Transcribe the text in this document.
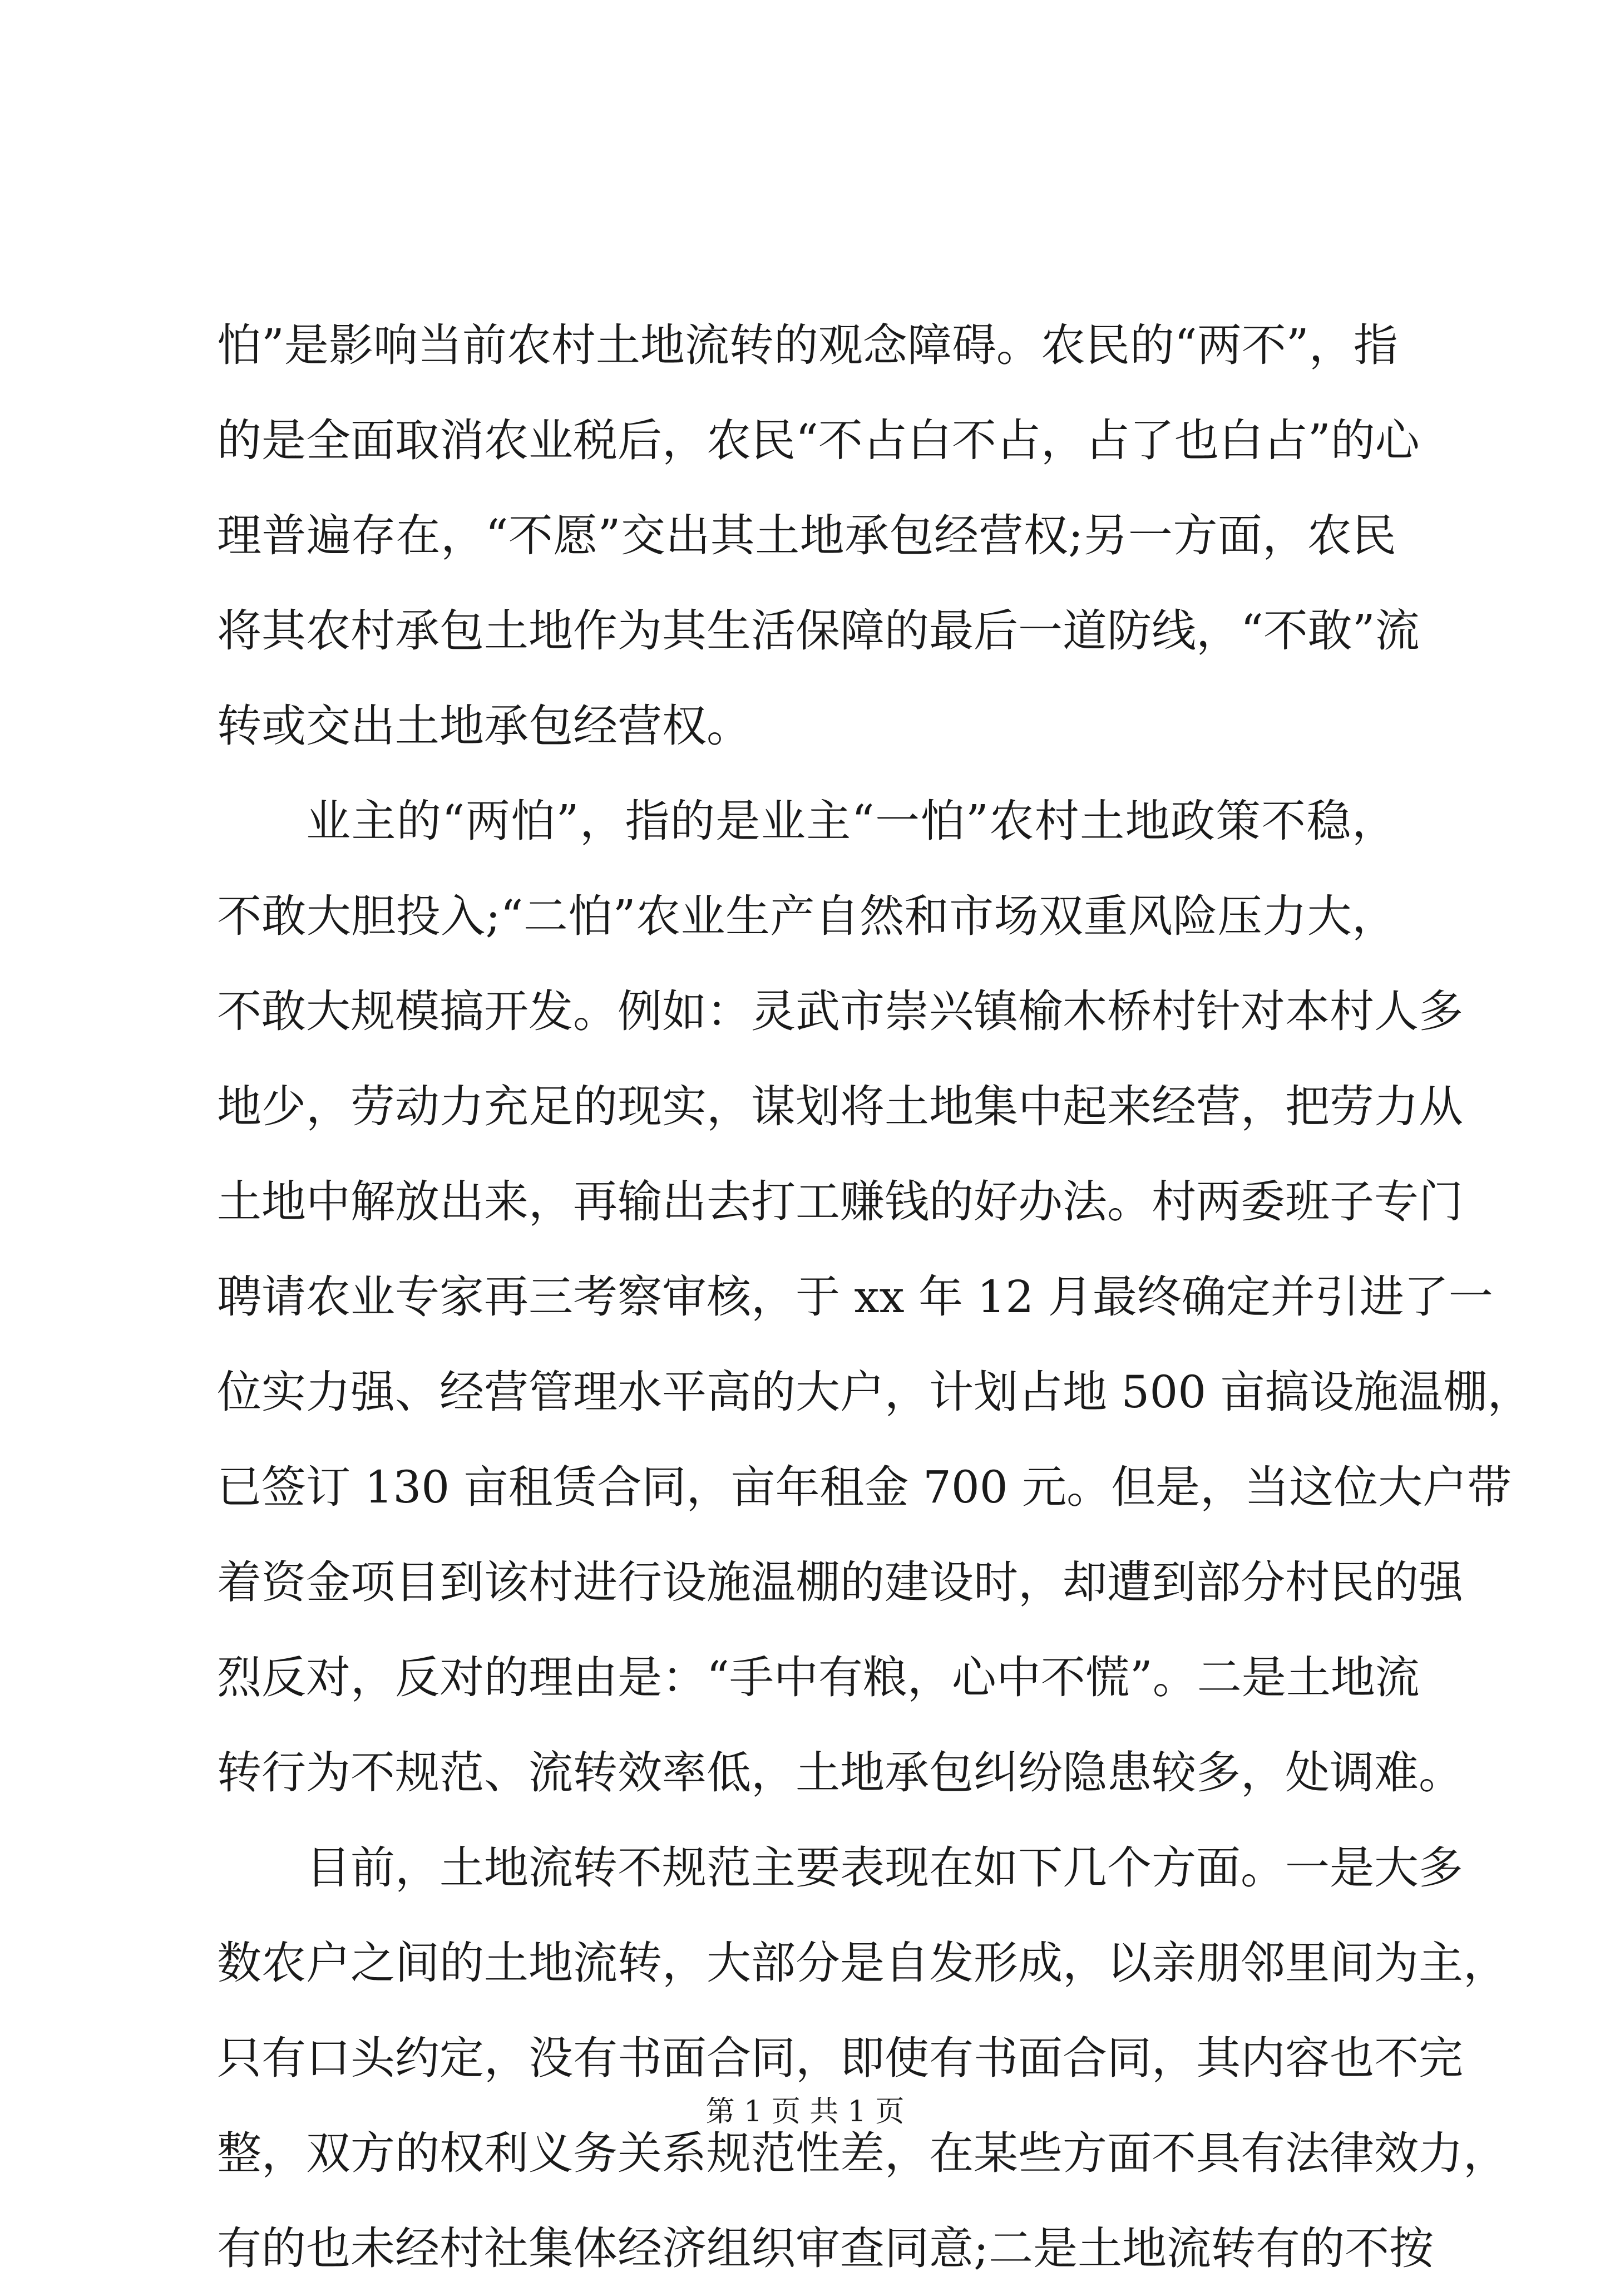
怕”是影响当前农村土地流转的观念障碍。农民的“两不”，指
的是全面取消农业税后，农民“不占白不占，占了也白占”的心
理普遍存在，“不愿”交出其土地承包经营权;另一方面，农民
将其农村承包土地作为其生活保障的最后一道防线，“不敢”流
转或交出土地承包经营权。
业主的“两怕”，指的是业主“一怕”农村土地政策不稳，
不敢大胆投入;“二怕”农业生产自然和市场双重风险压力大，
不敢大规模搞开发。例如：灵武市崇兴镇榆木桥村针对本村人多
地少，劳动力充足的现实，谋划将土地集中起来经营，把劳力从
土地中解放出来，再输出去打工赚钱的好办法。村两委班子专门
聘请农业专家再三考察审核，于 xx 年 12 月最终确定并引进了一
位实力强、经营管理水平高的大户，计划占地 500 亩搞设施温棚，
已签订 130 亩租赁合同，亩年租金 700 元。但是，当这位大户带
着资金项目到该村进行设施温棚的建设时，却遭到部分村民的强
烈反对，反对的理由是：“手中有粮，心中不慌”。二是土地流
转行为不规范、流转效率低，土地承包纠纷隐患较多，处调难。
目前，土地流转不规范主要表现在如下几个方面。一是大多
数农户之间的土地流转，大部分是自发形成，以亲朋邻里间为主，
只有口头约定，没有书面合同，即使有书面合同，其内容也不完
整，双方的权利义务关系规范性差，在某些方面不具有法律效力，
有的也未经村社集体经济组织审查同意;二是土地流转有的不按
第 1 页 共 1 页
